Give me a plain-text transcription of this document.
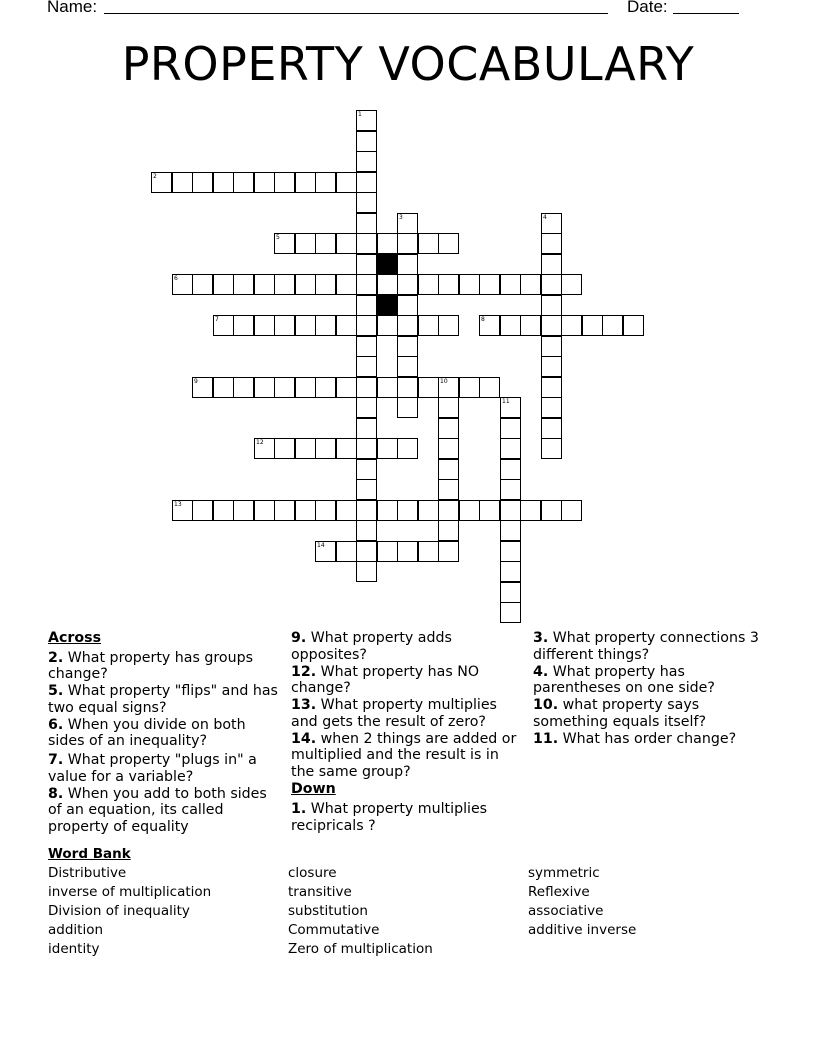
Name:	Date:
PROPERTY VOCABULARY
1
2
3	4
5
6
7	8
9	10
11
12
13
14
Across
2. What property has groups change?
5. What property "flips" and has two equal signs?
6. When you divide on both sides of an inequality?
7. What property "plugs in" a value for a variable?
8. When you add to both sides of an equation, its called property of equality
9. What property adds opposites?
12. What property has NO change?
13. What property multiplies and gets the result of zero?
14. when 2 things are added or multiplied and the result is in the same group?
Down
1. What property multiplies recipricals ?
3. What property connections 3 different things?
4. What property has parentheses on one side?
10. what property says something equals itself?
11. What has order change?
Word Bank
Distributive
inverse of multiplication
Division of inequality
addition
identity
closure
transitive
substitution
Commutative
Zero of multiplication
symmetric
Reflexive
associative
additive inverse
